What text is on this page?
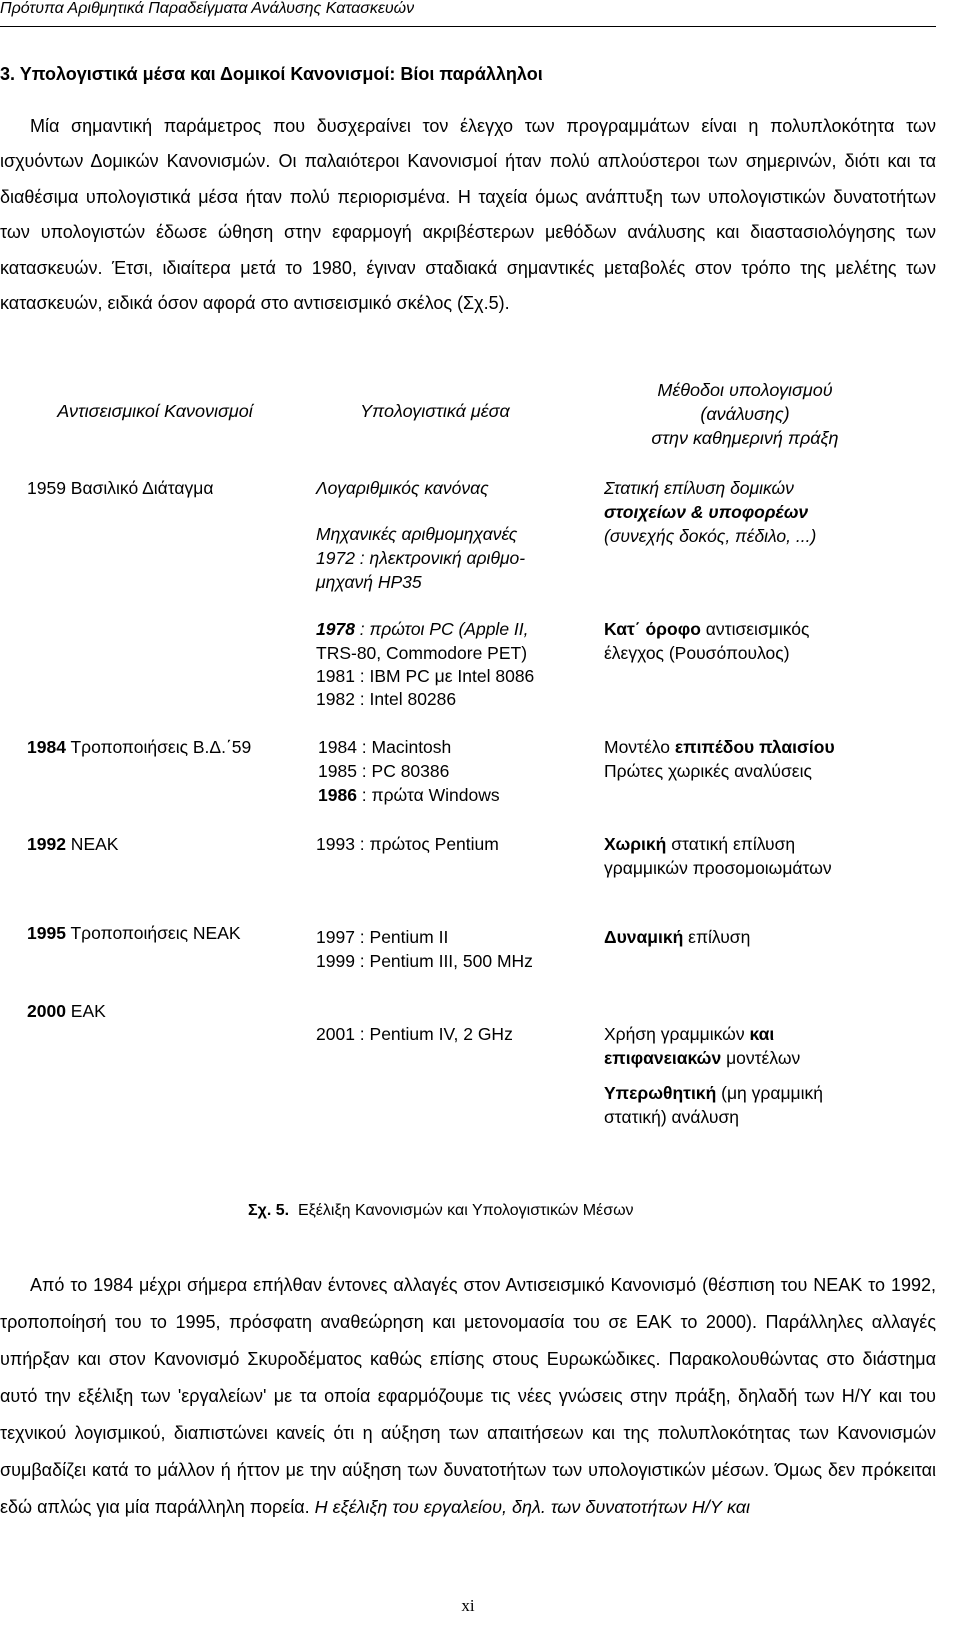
Πρότυπα Αριθμητικά Παραδείγματα Ανάλυσης Κατασκευών
3. Υπολογιστικά μέσα και Δομικοί Κανονισμοί: Βίοι παράλληλοι

Μία σημαντική παράμετρος που δυσχεραίνει τον έλεγχο των προγραμμάτων είναι η πολυπλοκότητα των ισχυόντων Δομικών Κανονισμών. Οι παλαιότεροι Κανονισμοί ήταν πολύ απλούστεροι των σημερινών, διότι και τα διαθέσιμα υπολογιστικά μέσα ήταν πολύ περιορισμένα. Η ταχεία όμως ανάπτυξη των υπολογιστικών δυνατοτήτων των υπολογιστών έδωσε ώθηση στην εφαρμογή ακριβέστερων μεθόδων ανάλυσης και διαστασιολόγησης των κατασκευών. Έτσι, ιδιαίτερα μετά το 1980, έγιναν σταδιακά σημαντικές μεταβολές στον τρόπο της μελέτης των κατασκευών, ειδικά όσον αφορά στο αντισεισμικό σκέλος (Σχ.5).

Αντισεισμικοί Κανονισμοί	Υπολογιστικά μέσα
Μέθοδοι υπολογισμού
(ανάλυσης)
στην καθημερινή πράξη
1959 Βασιλικό Διάταγμα
1984 Τροποποιήσεις Β.Δ.΄59
1992 ΝΕΑΚ
1995 Τροποποιήσεις ΝΕΑΚ
2000 ΕΑΚ
Λογαριθμικός κανόνας
Μηχανικές αριθμομηχανές
1972 : ηλεκτρονική αριθμο-
μηχανή HP35
1978 : πρώτοι PC (Apple II,
TRS-80, Commodore PET)
1981 : IBM PC με Intel 8086
1982 : Intel 80286
1984 : Macintosh
1985 : PC 80386
1986 : πρώτα Windows
1993 : πρώτος Pentium
1997 : Pentium II
1999 : Pentium III, 500 MHz
2001 : Pentium IV, 2 GHz
Στατική επίλυση δομικών
στοιχείων & υποφορέων
(συνεχής δοκός, πέδιλο, ...)
Κατ΄ όροφο αντισεισμικός
έλεγχος (Ρουσόπουλος)
Μοντέλο επιπέδου πλαισίου
Πρώτες χωρικές αναλύσεις
Χωρική στατική επίλυση
γραμμικών προσομοιωμάτων
Δυναμική επίλυση
Χρήση γραμμικών και
επιφανειακών μοντέλων
Υπερωθητική (μη γραμμική
στατική) ανάλυση
Σχ. 5. Εξέλιξη Κανονισμών και Υπολογιστικών Μέσων

Από το 1984 μέχρι σήμερα επήλθαν έντονες αλλαγές στον Αντισεισμικό Κανονισμό (θέσπιση του ΝΕΑΚ το 1992, τροποποίησή του το 1995, πρόσφατη αναθεώρηση και μετονομασία του σε ΕΑΚ το 2000). Παράλληλες αλλαγές υπήρξαν και στον Κανονισμό Σκυροδέματος καθώς επίσης στους Ευρωκώδικες. Παρακολουθώντας στο διάστημα αυτό την εξέλιξη των 'εργαλείων' με τα οποία εφαρμόζουμε τις νέες γνώσεις στην πράξη, δηλαδή των Η/Υ και του τεχνικού λογισμικού, διαπιστώνει κανείς ότι η αύξηση των απαιτήσεων και της πολυπλοκότητας των Κανονισμών συμβαδίζει κατά το μάλλον ή ήττον με την αύξηση των δυνατοτήτων των υπολογιστικών μέσων. Όμως δεν πρόκειται εδώ απλώς για μία παράλληλη πορεία. Η εξέλιξη του εργαλείου, δηλ. των δυνατοτήτων Η/Υ και

xi
